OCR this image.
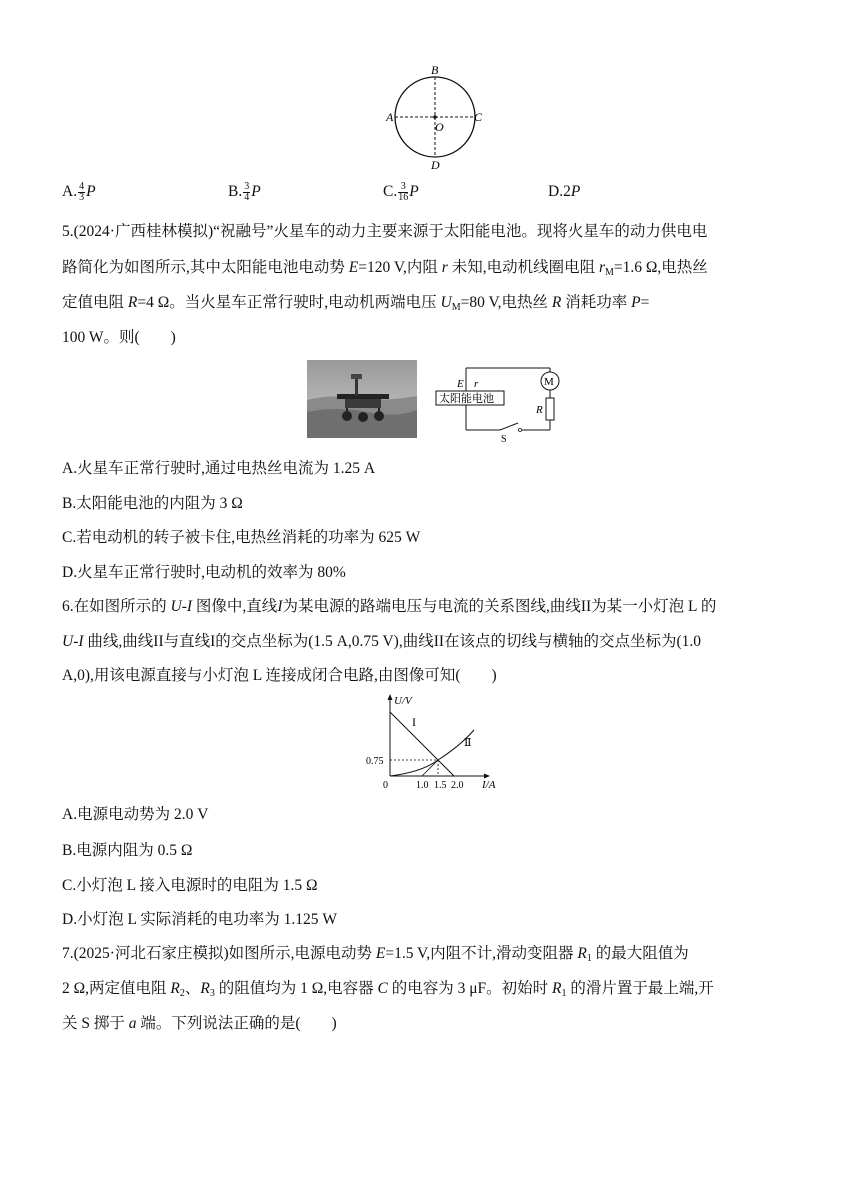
B
A	C
D
O
A. $\frac{4}{3}$ P	B. $\frac{3}{4}$ P	C. $\frac{3}{16}$ P	D.2P
5.(2024·广西桂林模拟)“祝融号”火星车的动力主要来源于太阳能电池。现将火星车的动力供电电
路简化为如图所示,其中太阳能电池电动势 E=120 V,内阻 r 未知,电动机线圈电阻 $r_M=1.6$ Ω,电热丝
定值电阻 R=4 Ω。当火星车正常行驶时,电动机两端电压 $U_M=80$ V,电热丝 R 消耗功率 P=
100 W。则(　　)
太阳能电池
E r
S
M
R
A.火星车正常行驶时,通过电热丝电流为 1.25 A
B.太阳能电池的内阻为 3 Ω
C.若电动机的转子被卡住,电热丝消耗的功率为 625 W
D.火星车正常行驶时,电动机的效率为 80%
6.在如图所示的 U-I 图像中,直线I为某电源的路端电压与电流的关系图线,曲线II为某一小灯泡 L 的
U-I 曲线,曲线II与直线I的交点坐标为(1.5 A,0.75 V),曲线II在该点的切线与横轴的交点坐标为(1.0
A,0),用该电源直接与小灯泡 L 连接成闭合电路,由图像可知(　　)
U/V
I/A
0
0.75
1.0 1.5 2.0
I
Ⅱ
A.电源电动势为 2.0 V
B.电源内阻为 0.5 Ω
C.小灯泡 L 接入电源时的电阻为 1.5 Ω
D.小灯泡 L 实际消耗的电功率为 1.125 W
7.(2025·河北石家庄模拟)如图所示,电源电动势 E=1.5 V,内阻不计,滑动变阻器 $R_1$ 的最大阻值为
2 Ω,两定值电阻 $R_2$、$R_3$ 的阻值均为 1 Ω,电容器 C 的电容为 3 μF。初始时 $R_1$ 的滑片置于最上端,开
关 S 掷于 a 端。下列说法正确的是(　　)
